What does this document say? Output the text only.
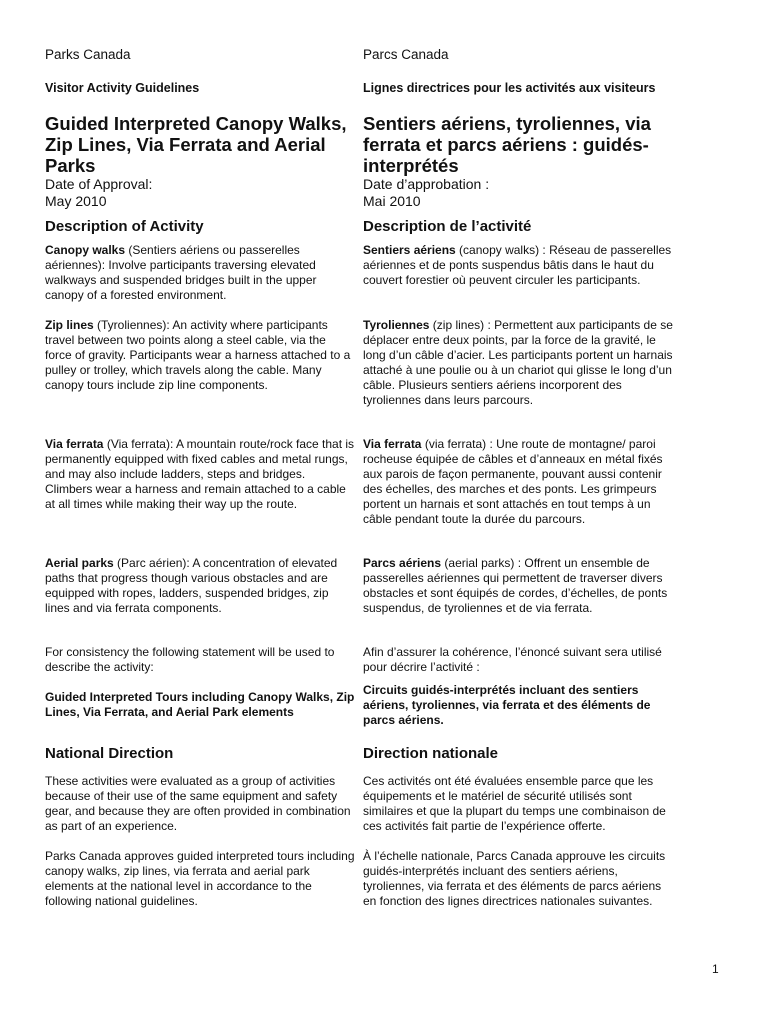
Parks Canada

Visitor Activity Guidelines

Guided Interpreted Canopy Walks, Zip Lines, Via Ferrata and Aerial Parks

Date of Approval:

May 2010

Description of Activity

Canopy walks (Sentiers aériens ou passerelles aériennes): Involve participants traversing elevated walkways and suspended bridges built in the upper canopy of a forested environment.

Zip lines (Tyroliennes): An activity where participants travel between two points along a steel cable, via the force of gravity. Participants wear a harness attached to a pulley or trolley, which travels along the cable. Many canopy tours include zip line components.

Via ferrata (Via ferrata): A mountain route/rock face that is permanently equipped with fixed cables and metal rungs, and may also include ladders, steps and bridges. Climbers wear a harness and remain attached to a cable at all times while making their way up the route.

Aerial parks (Parc aérien): A concentration of elevated paths that progress though various obstacles and are equipped with ropes, ladders, suspended bridges, zip lines and via ferrata components.

For consistency the following statement will be used to describe the activity:

Guided Interpreted Tours including Canopy Walks, Zip Lines, Via Ferrata, and Aerial Park elements

National Direction

These activities were evaluated as a group of activities because of their use of the same equipment and safety gear, and because they are often provided in combination as part of an experience.

Parks Canada approves guided interpreted tours including canopy walks, zip lines, via ferrata and aerial park elements at the national level in accordance to the following national guidelines.

Parcs Canada

Lignes directrices pour les activités aux visiteurs

Sentiers aériens, tyroliennes, via ferrata et parcs aériens : guidés-interprétés

Date d’approbation :

Mai 2010

Description de l’activité

Sentiers aériens (canopy walks) : Réseau de passerelles aériennes et de ponts suspendus bâtis dans le haut du couvert forestier où peuvent circuler les participants.

Tyroliennes (zip lines) : Permettent aux participants de se déplacer entre deux points, par la force de la gravité, le long d’un câble d’acier. Les participants portent un harnais attaché à une poulie ou à un chariot qui glisse le long d’un câble. Plusieurs sentiers aériens incorporent des tyroliennes dans leurs parcours.

Via ferrata (via ferrata) : Une route de montagne/ paroi rocheuse équipée de câbles et d’anneaux en métal fixés aux parois de façon permanente, pouvant aussi contenir des échelles, des marches et des ponts. Les grimpeurs portent un harnais et sont attachés en tout temps à un câble pendant toute la durée du parcours.

Parcs aériens (aerial parks) : Offrent un ensemble de passerelles aériennes qui permettent de traverser divers obstacles et sont équipés de cordes, d’échelles, de ponts suspendus, de tyroliennes et de via ferrata.

Afin d’assurer la cohérence, l’énoncé suivant sera utilisé pour décrire l’activité :

Circuits guidés-interprétés incluant des sentiers aériens, tyroliennes, via ferrata et des éléments de parcs aériens.

Direction nationale

Ces activités ont été évaluées ensemble parce que les équipements et le matériel de sécurité utilisés sont similaires et que la plupart du temps une combinaison de ces activités fait partie de l’expérience offerte.

À l’échelle nationale, Parcs Canada approuve les circuits guidés-interprétés incluant des sentiers aériens, tyroliennes, via ferrata et des éléments de parcs aériens en fonction des lignes directrices nationales suivantes.

1
